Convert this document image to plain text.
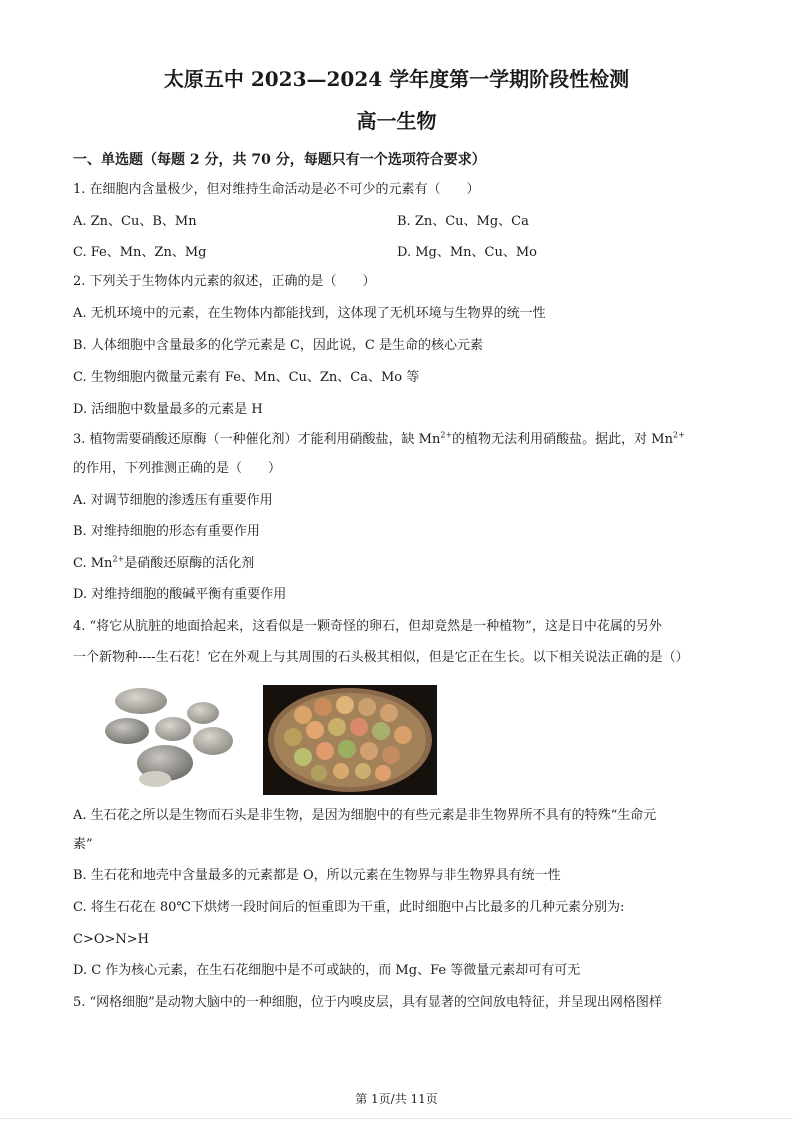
太原五中 2023—2024 学年度第一学期阶段性检测
高一生物
一、单选题（每题 2 分，共 70 分，每题只有一个选项符合要求）
1. 在细胞内含量极少，但对维持生命活动是必不可少的元素有（　　）
A. Zn、Cu、B、Mn	B. Zn、Cu、Mg、Ca
C. Fe、Mn、Zn、Mg	D. Mg、Mn、Cu、Mo
2. 下列关于生物体内元素的叙述，正确的是（　　）
A. 无机环境中的元素，在生物体内都能找到，这体现了无机环境与生物界的统一性
B. 人体细胞中含量最多的化学元素是 C，因此说，C 是生命的核心元素
C. 生物细胞内微量元素有 Fe、Mn、Cu、Zn、Ca、Mo 等
D. 活细胞中数量最多的元素是 H
3. 植物需要硝酸还原酶（一种催化剂）才能利用硝酸盐，缺 $Mn^{2+}$的植物无法利用硝酸盐。据此，对 $Mn^{2+}$
的作用，下列推测正确的是（　　）
A. 对调节细胞的渗透压有重要作用
B. 对维持细胞的形态有重要作用
C. $Mn^{2+}$是硝酸还原酶的活化剂
D. 对维持细胞的酸碱平衡有重要作用
4. “将它从肮脏的地面拾起来，这看似是一颗奇怪的卵石，但却竟然是一种植物”，这是日中花属的另外
一个新物种----生石花！它在外观上与其周围的石头极其相似，但是它正在生长。以下相关说法正确的是（）
A. 生石花之所以是生物而石头是非生物，是因为细胞中的有些元素是非生物界所不具有的特殊“生命元
素”
B. 生石花和地壳中含量最多的元素都是 O，所以元素在生物界与非生物界具有统一性
C. 将生石花在 80℃下烘烤一段时间后的恒重即为干重，此时细胞中占比最多的几种元素分别为:
C>O>N>H
D. C 作为核心元素，在生石花细胞中是不可或缺的，而 Mg、Fe 等微量元素却可有可无
5. “网格细胞”是动物大脑中的一种细胞，位于内嗅皮层，具有显著的空间放电特征，并呈现出网格图样
第 1页/共 11页
